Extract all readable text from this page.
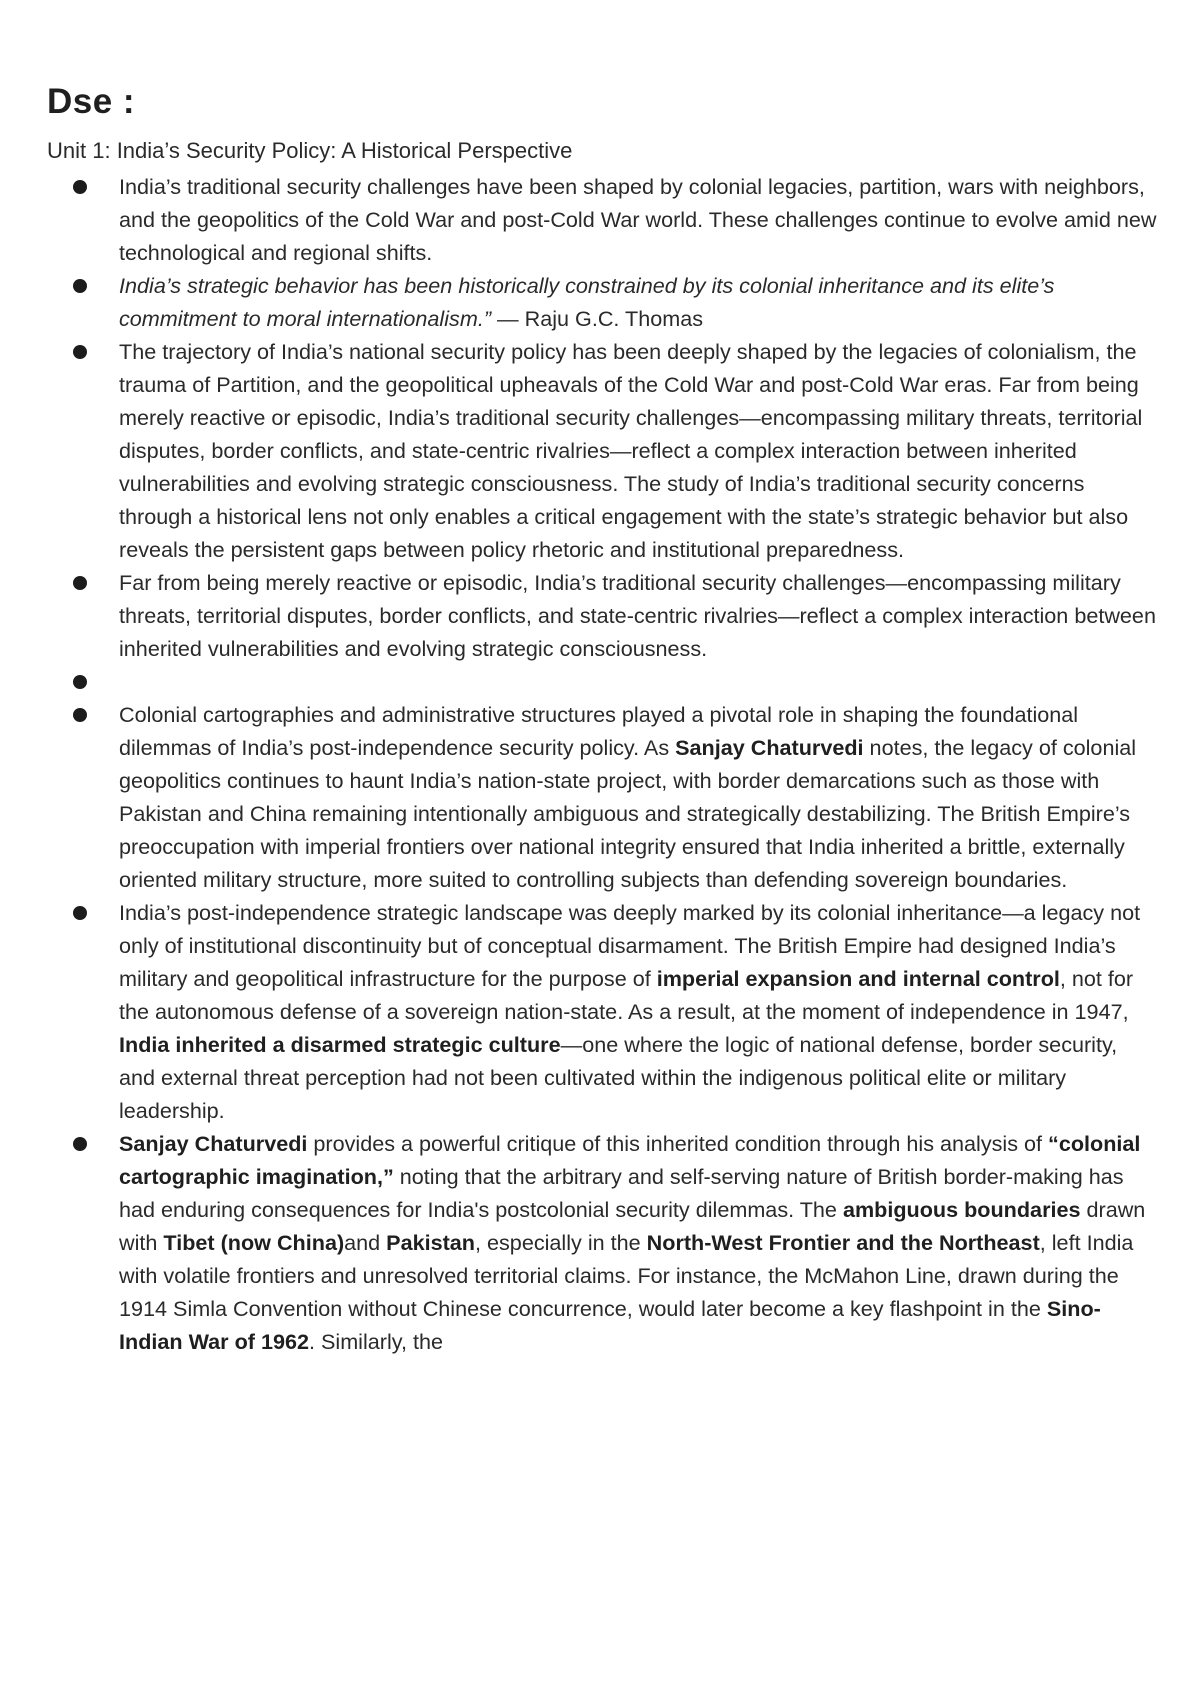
Dse :
Unit 1: India’s Security Policy: A Historical Perspective
India’s traditional security challenges have been shaped by colonial legacies, partition, wars with neighbors, and the geopolitics of the Cold War and post-Cold War world. These challenges continue to evolve amid new technological and regional shifts.
India’s strategic behavior has been historically constrained by its colonial inheritance and its elite’s commitment to moral internationalism.” — Raju G.C. Thomas
The trajectory of India’s national security policy has been deeply shaped by the legacies of colonialism, the trauma of Partition, and the geopolitical upheavals of the Cold War and post-Cold War eras. Far from being merely reactive or episodic, India’s traditional security challenges—encompassing military threats, territorial disputes, border conflicts, and state-centric rivalries—reflect a complex interaction between inherited vulnerabilities and evolving strategic consciousness. The study of India’s traditional security concerns through a historical lens not only enables a critical engagement with the state’s strategic behavior but also reveals the persistent gaps between policy rhetoric and institutional preparedness.
Far from being merely reactive or episodic, India’s traditional security challenges—encompassing military threats, territorial disputes, border conflicts, and state-centric rivalries—reflect a complex interaction between inherited vulnerabilities and evolving strategic consciousness.
Colonial cartographies and administrative structures played a pivotal role in shaping the foundational dilemmas of India’s post-independence security policy. As Sanjay Chaturvedi notes, the legacy of colonial geopolitics continues to haunt India’s nation-state project, with border demarcations such as those with Pakistan and China remaining intentionally ambiguous and strategically destabilizing. The British Empire’s preoccupation with imperial frontiers over national integrity ensured that India inherited a brittle, externally oriented military structure, more suited to controlling subjects than defending sovereign boundaries.
India’s post-independence strategic landscape was deeply marked by its colonial inheritance—a legacy not only of institutional discontinuity but of conceptual disarmament. The British Empire had designed India’s military and geopolitical infrastructure for the purpose of imperial expansion and internal control, not for the autonomous defense of a sovereign nation-state. As a result, at the moment of independence in 1947, India inherited a disarmed strategic culture—one where the logic of national defense, border security, and external threat perception had not been cultivated within the indigenous political elite or military leadership.
Sanjay Chaturvedi provides a powerful critique of this inherited condition through his analysis of “colonial cartographic imagination,” noting that the arbitrary and self-serving nature of British border-making has had enduring consequences for India's postcolonial security dilemmas. The ambiguous boundaries drawn with Tibet (now China)and Pakistan, especially in the North-West Frontier and the Northeast, left India with volatile frontiers and unresolved territorial claims. For instance, the McMahon Line, drawn during the 1914 Simla Convention without Chinese concurrence, would later become a key flashpoint in the Sino-Indian War of 1962. Similarly, the
